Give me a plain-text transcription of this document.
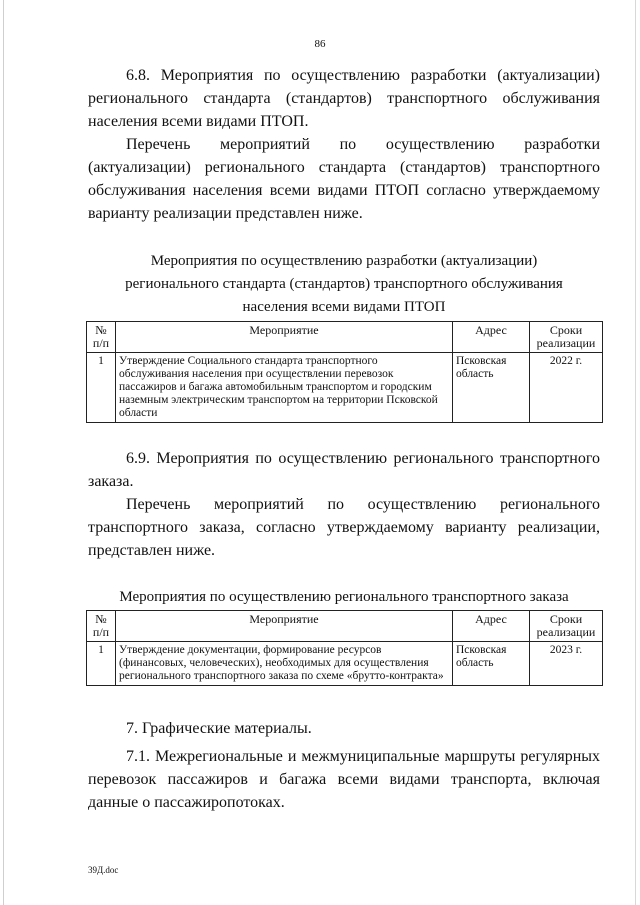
86
6.8. Мероприятия по осуществлению разработки (актуализации) регионального стандарта (стандартов) транспортного обслуживания населения всеми видами ПТОП.
Перечень мероприятий по осуществлению разработки (актуализации) регионального стандарта (стандартов) транспортного обслуживания населения всеми видами ПТОП согласно утверждаемому варианту реализации представлен ниже.
Мероприятия по осуществлению разработки (актуализации)
регионального стандарта (стандартов) транспортного обслуживания
населения всеми видами ПТОП
№ п/п	Мероприятие	Адрес	Сроки реализации
1	Утверждение Социального стандарта транспортного обслуживания населения при осуществлении перевозок пассажиров и багажа автомобильным транспортом и городским наземным электрическим транспортом на территории Псковской области	Псковская область	2022 г.
6.9. Мероприятия по осуществлению регионального транспортного заказа.
Перечень мероприятий по осуществлению регионального транспортного заказа, согласно утверждаемому варианту реализации, представлен ниже.
Мероприятия по осуществлению регионального транспортного заказа
№ п/п	Мероприятие	Адрес	Сроки реализации
1	Утверждение документации, формирование ресурсов (финансовых, человеческих), необходимых для осуществления регионального транспортного заказа по схеме «брутто-контракта»	Псковская область	2023 г.
7. Графические материалы.
7.1. Межрегиональные и межмуниципальные маршруты регулярных перевозок пассажиров и багажа всеми видами транспорта, включая данные о пассажиропотоках.
39Д.doc
